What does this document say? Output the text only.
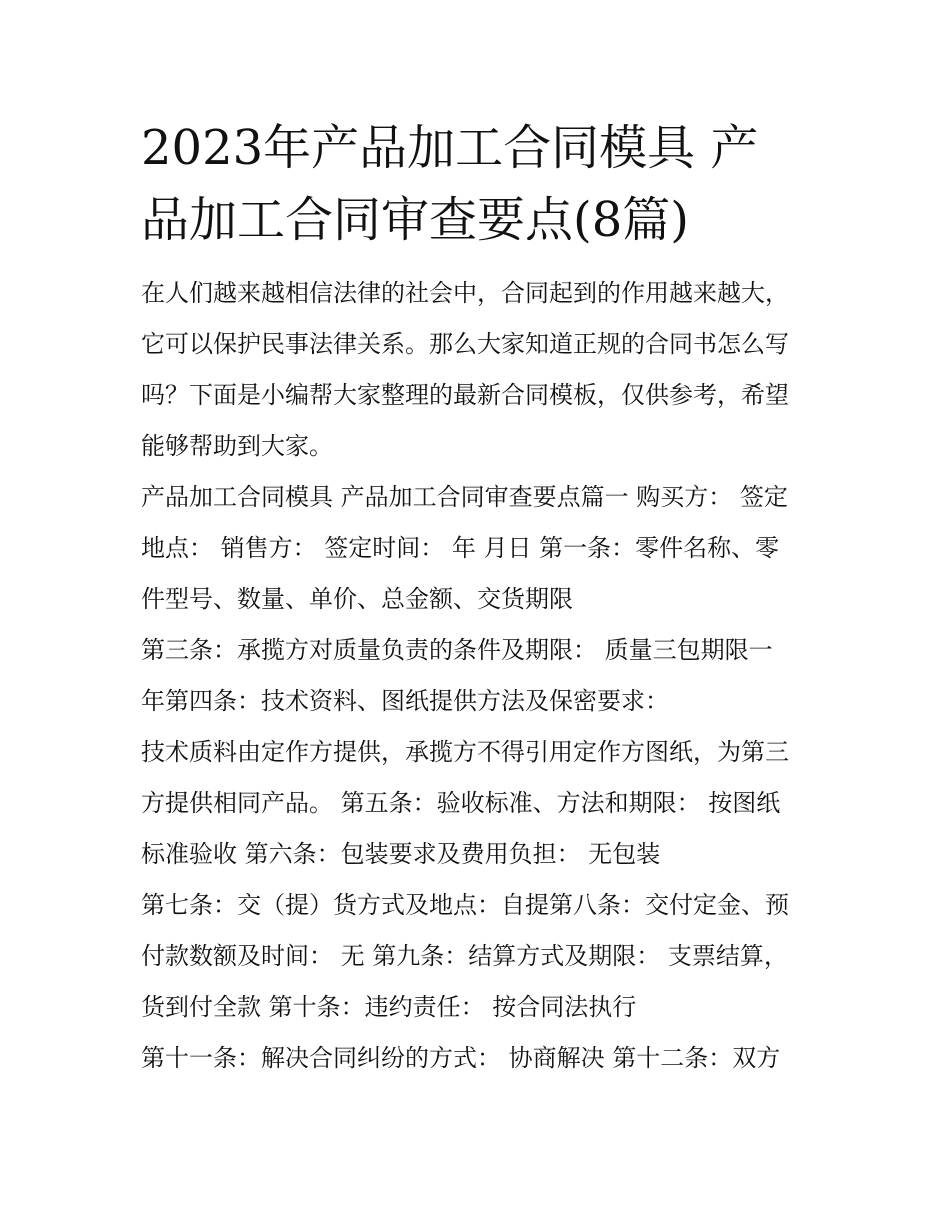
2023年产品加工合同模具 产
品加工合同审查要点(8篇)

在人们越来越相信法律的社会中，合同起到的作用越来越大，
它可以保护民事法律关系。那么大家知道正规的合同书怎么写
吗？下面是小编帮大家整理的最新合同模板，仅供参考，希望
能够帮助到大家。

产品加工合同模具 产品加工合同审查要点篇一 购买方： 签定
地点： 销售方： 签定时间： 年 月日 第一条：零件名称、零
件型号、数量、单价、总金额、交货期限

第三条：承揽方对质量负责的条件及期限： 质量三包期限一
年第四条：技术资料、图纸提供方法及保密要求：

技术质料由定作方提供，承揽方不得引用定作方图纸，为第三
方提供相同产品。 第五条：验收标准、方法和期限： 按图纸
标准验收 第六条：包装要求及费用负担： 无包装

第七条：交（提）货方式及地点：自提第八条：交付定金、预
付款数额及时间： 无 第九条：结算方式及期限： 支票结算，
货到付全款 第十条：违约责任： 按合同法执行

第十一条：解决合同纠纷的方式： 协商解决 第十二条：双方
